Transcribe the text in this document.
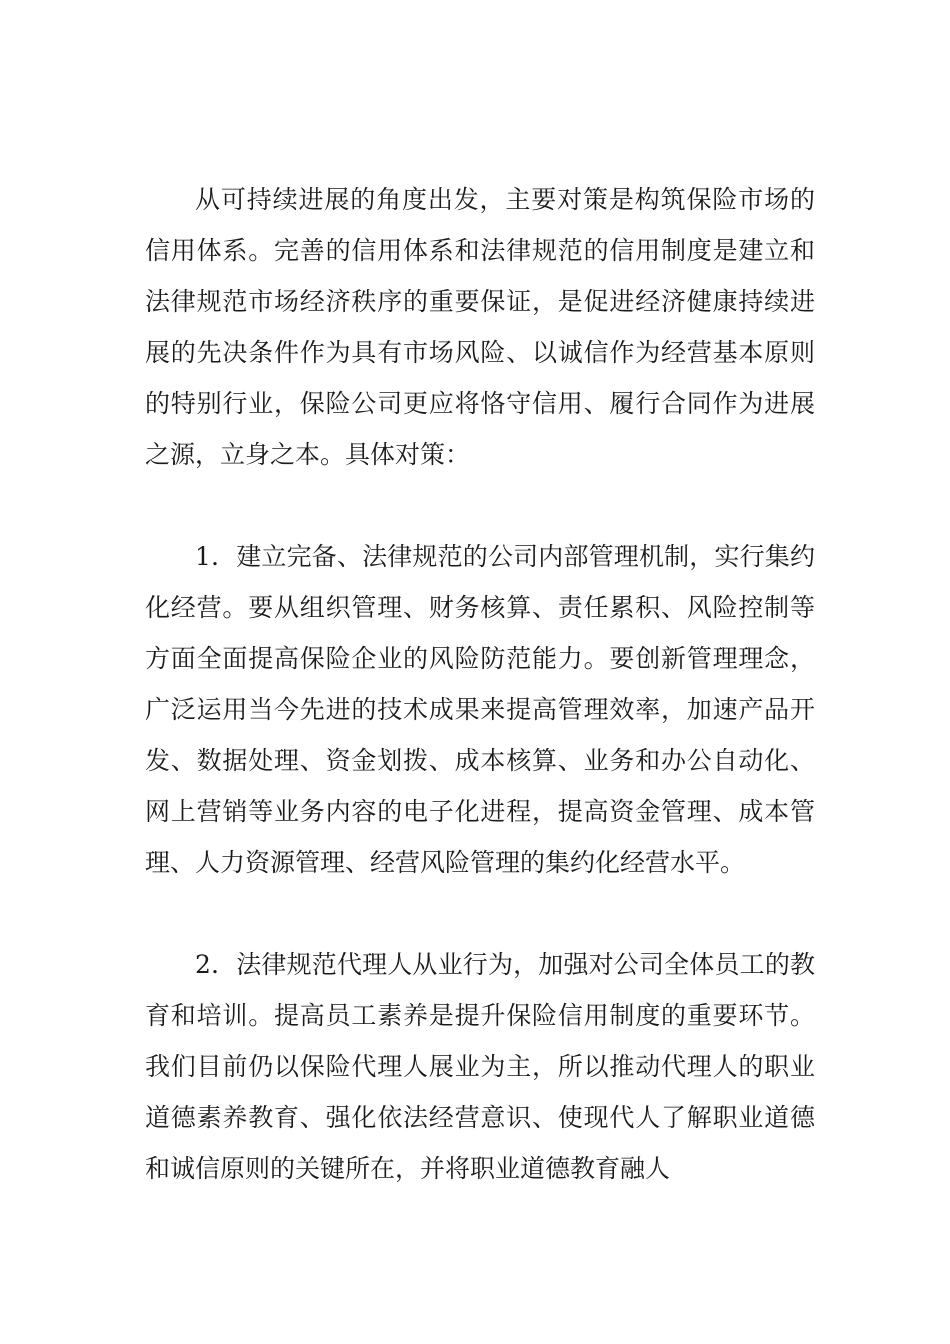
从可持续进展的角度出发，主要对策是构筑保险市场的信用体系。完善的信用体系和法律规范的信用制度是建立和法律规范市场经济秩序的重要保证，是促进经济健康持续进展的先决条件作为具有市场风险、以诚信作为经营基本原则的特别行业，保险公司更应将恪守信用、履行合同作为进展之源，立身之本。具体对策：

1．建立完备、法律规范的公司内部管理机制，实行集约化经营。要从组织管理、财务核算、责任累积、风险控制等方面全面提高保险企业的风险防范能力。要创新管理理念，广泛运用当今先进的技术成果来提高管理效率，加速产品开发、数据处理、资金划拨、成本核算、业务和办公自动化、网上营销等业务内容的电子化进程，提高资金管理、成本管理、人力资源管理、经营风险管理的集约化经营水平。

2．法律规范代理人从业行为，加强对公司全体员工的教育和培训。提高员工素养是提升保险信用制度的重要环节。我们目前仍以保险代理人展业为主，所以推动代理人的职业道德素养教育、强化依法经营意识、使现代人了解职业道德和诚信原则的关键所在，并将职业道德教育融人
